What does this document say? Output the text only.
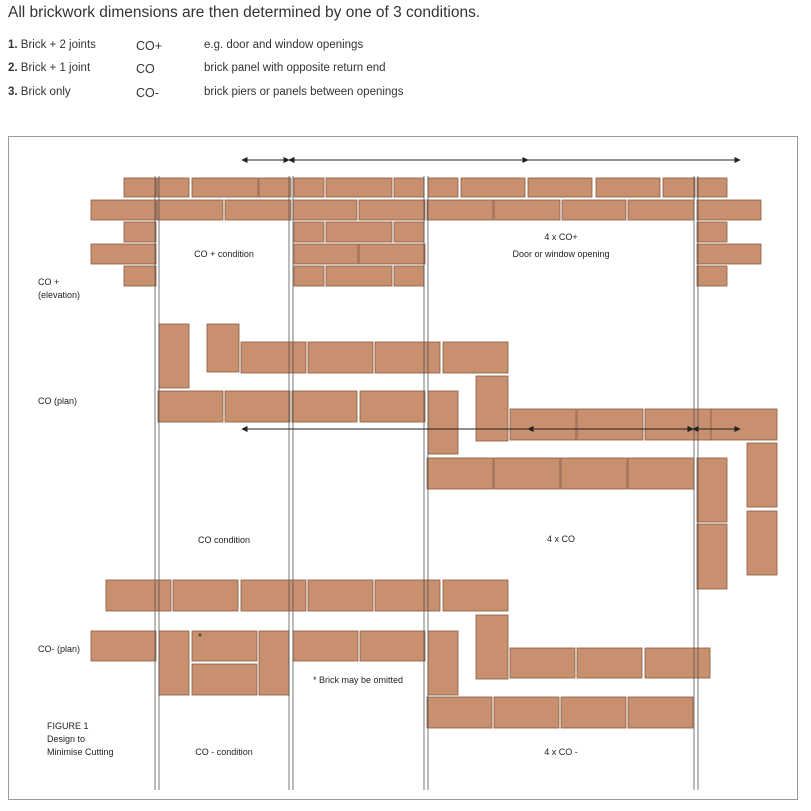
All brickwork dimensions are then determined by one of 3 conditions.
1. Brick + 2 joints	CO+	e.g. door and window openings
2. Brick + 1 joint	CO	brick panel with opposite return end
3. Brick only	CO-	brick piers or panels between openings
CO +
(elevation)
CO + condition
4 x CO+
Door or window opening
CO (plan)
CO condition	4 x CO
CO- (plan)
*
* Brick may be omitted
CO - condition	4 x CO -
FIGURE 1
Design to
Minimise Cutting
